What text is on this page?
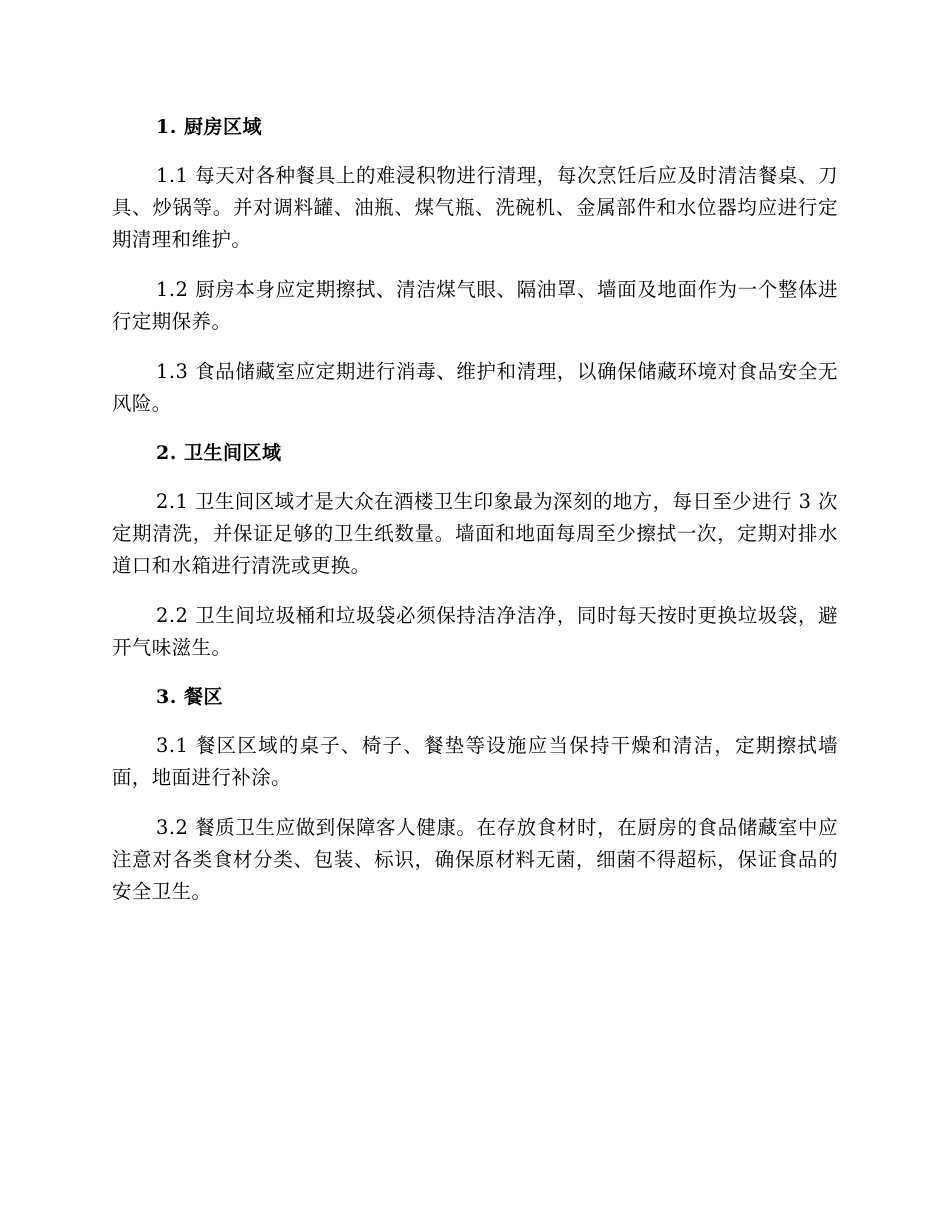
1. 厨房区域

1.1 每天对各种餐具上的难浸积物进行清理，每次烹饪后应及时清洁餐桌、刀具、炒锅等。并对调料罐、油瓶、煤气瓶、洗碗机、金属部件和水位器均应进行定期清理和维护。

1.2 厨房本身应定期擦拭、清洁煤气眼、隔油罩、墙面及地面作为一个整体进行定期保养。

1.3 食品储藏室应定期进行消毒、维护和清理，以确保储藏环境对食品安全无风险。

2. 卫生间区域

2.1 卫生间区域才是大众在酒楼卫生印象最为深刻的地方，每日至少进行 3 次定期清洗，并保证足够的卫生纸数量。墙面和地面每周至少擦拭一次，定期对排水道口和水箱进行清洗或更换。

2.2 卫生间垃圾桶和垃圾袋必须保持洁净洁净，同时每天按时更换垃圾袋，避开气味滋生。

3. 餐区

3.1 餐区区域的桌子、椅子、餐垫等设施应当保持干燥和清洁，定期擦拭墙面，地面进行补涂。

3.2 餐质卫生应做到保障客人健康。在存放食材时，在厨房的食品储藏室中应注意对各类食材分类、包装、标识，确保原材料无菌，细菌不得超标，保证食品的安全卫生。
